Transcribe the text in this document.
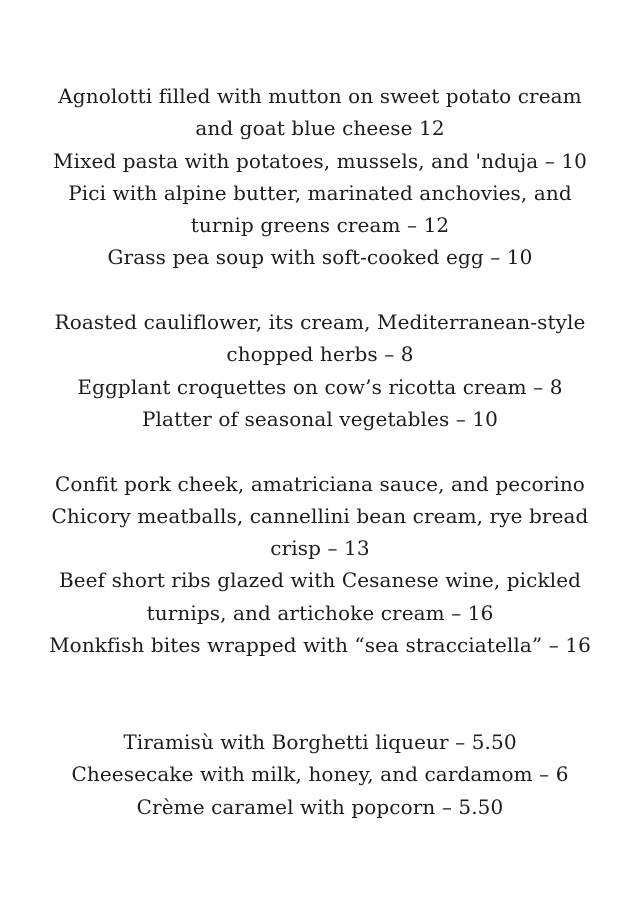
Agnolotti filled with mutton on sweet potato cream and goat blue cheese 12
Mixed pasta with potatoes, mussels, and 'nduja – 10
Pici with alpine butter, marinated anchovies, and turnip greens cream – 12
Grass pea soup with soft-cooked egg – 10
Roasted cauliflower, its cream, Mediterranean-style chopped herbs – 8
Eggplant croquettes on cow’s ricotta cream – 8
Platter of seasonal vegetables – 10
Confit pork cheek, amatriciana sauce, and pecorino
Chicory meatballs, cannellini bean cream, rye bread crisp – 13
Beef short ribs glazed with Cesanese wine, pickled turnips, and artichoke cream – 16
Monkfish bites wrapped with “sea stracciatella” – 16
Tiramisù with Borghetti liqueur – 5.50
Cheesecake with milk, honey, and cardamom – 6
Crème caramel with popcorn – 5.50
